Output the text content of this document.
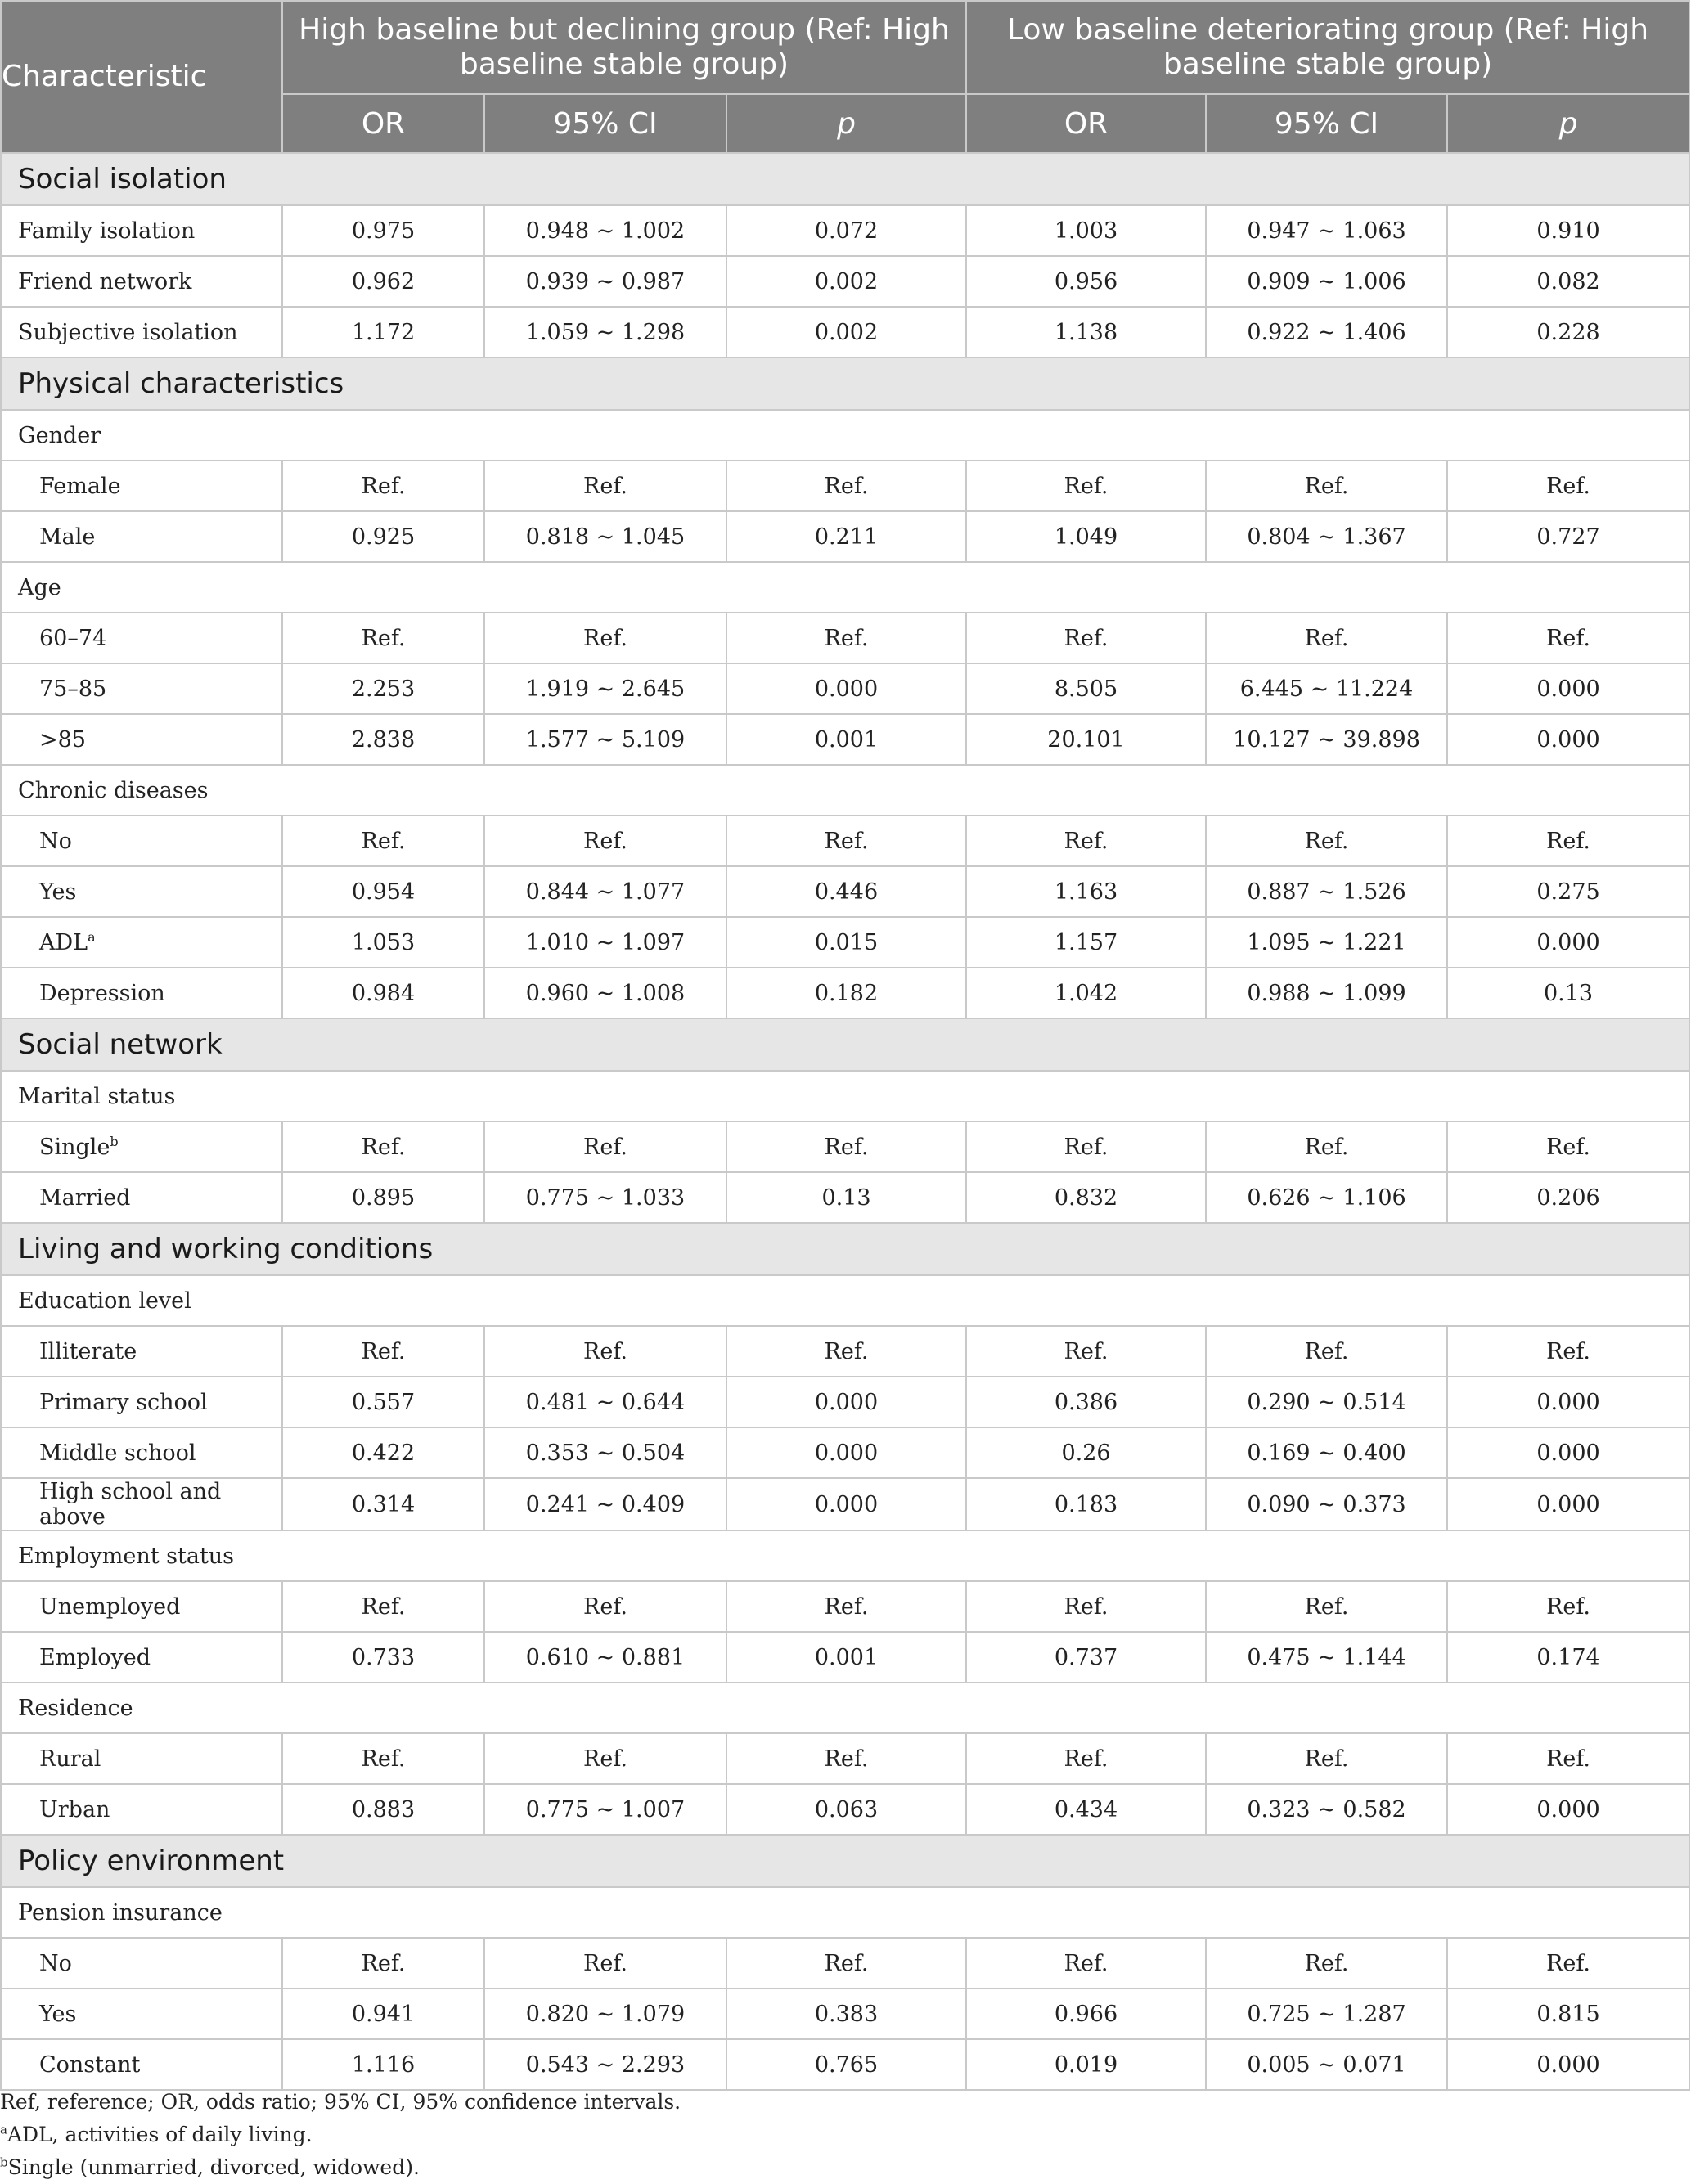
Characteristic	High baseline but declining group (Ref: High baseline stable group)			Low baseline deteriorating group (Ref: High baseline stable group)		
	OR	95% CI	p	OR	95% CI	p
Social isolation						
Family isolation	0.975	0.948 ~ 1.002	0.072	1.003	0.947 ~ 1.063	0.910
Friend network	0.962	0.939 ~ 0.987	0.002	0.956	0.909 ~ 1.006	0.082
Subjective isolation	1.172	1.059 ~ 1.298	0.002	1.138	0.922 ~ 1.406	0.228
Physical characteristics						
Gender						
Female	Ref.	Ref.	Ref.	Ref.	Ref.	Ref.
Male	0.925	0.818 ~ 1.045	0.211	1.049	0.804 ~ 1.367	0.727
Age						
60–74	Ref.	Ref.	Ref.	Ref.	Ref.	Ref.
75–85	2.253	1.919 ~ 2.645	0.000	8.505	6.445 ~ 11.224	0.000
>85	2.838	1.577 ~ 5.109	0.001	20.101	10.127 ~ 39.898	0.000
Chronic diseases						
No	Ref.	Ref.	Ref.	Ref.	Ref.	Ref.
Yes	0.954	0.844 ~ 1.077	0.446	1.163	0.887 ~ 1.526	0.275
ADL$^a$	1.053	1.010 ~ 1.097	0.015	1.157	1.095 ~ 1.221	0.000
Depression	0.984	0.960 ~ 1.008	0.182	1.042	0.988 ~ 1.099	0.13
Social network						
Marital status						
Single$^b$	Ref.	Ref.	Ref.	Ref.	Ref.	Ref.
Married	0.895	0.775 ~ 1.033	0.13	0.832	0.626 ~ 1.106	0.206
Living and working conditions						
Education level						
Illiterate	Ref.	Ref.	Ref.	Ref.	Ref.	Ref.
Primary school	0.557	0.481 ~ 0.644	0.000	0.386	0.290 ~ 0.514	0.000
Middle school	0.422	0.353 ~ 0.504	0.000	0.26	0.169 ~ 0.400	0.000
High school and above	0.314	0.241 ~ 0.409	0.000	0.183	0.090 ~ 0.373	0.000
Employment status						
Unemployed	Ref.	Ref.	Ref.	Ref.	Ref.	Ref.
Employed	0.733	0.610 ~ 0.881	0.001	0.737	0.475 ~ 1.144	0.174
Residence						
Rural	Ref.	Ref.	Ref.	Ref.	Ref.	Ref.
Urban	0.883	0.775 ~ 1.007	0.063	0.434	0.323 ~ 0.582	0.000
Policy environment						
Pension insurance						
No	Ref.	Ref.	Ref.	Ref.	Ref.	Ref.
Yes	0.941	0.820 ~ 1.079	0.383	0.966	0.725 ~ 1.287	0.815
Constant	1.116	0.543 ~ 2.293	0.765	0.019	0.005 ~ 0.071	0.000
Ref, reference; OR, odds ratio; 95% CI, 95% confidence intervals.
$^a$ADL, activities of daily living.
$^b$Single (unmarried, divorced, widowed).
